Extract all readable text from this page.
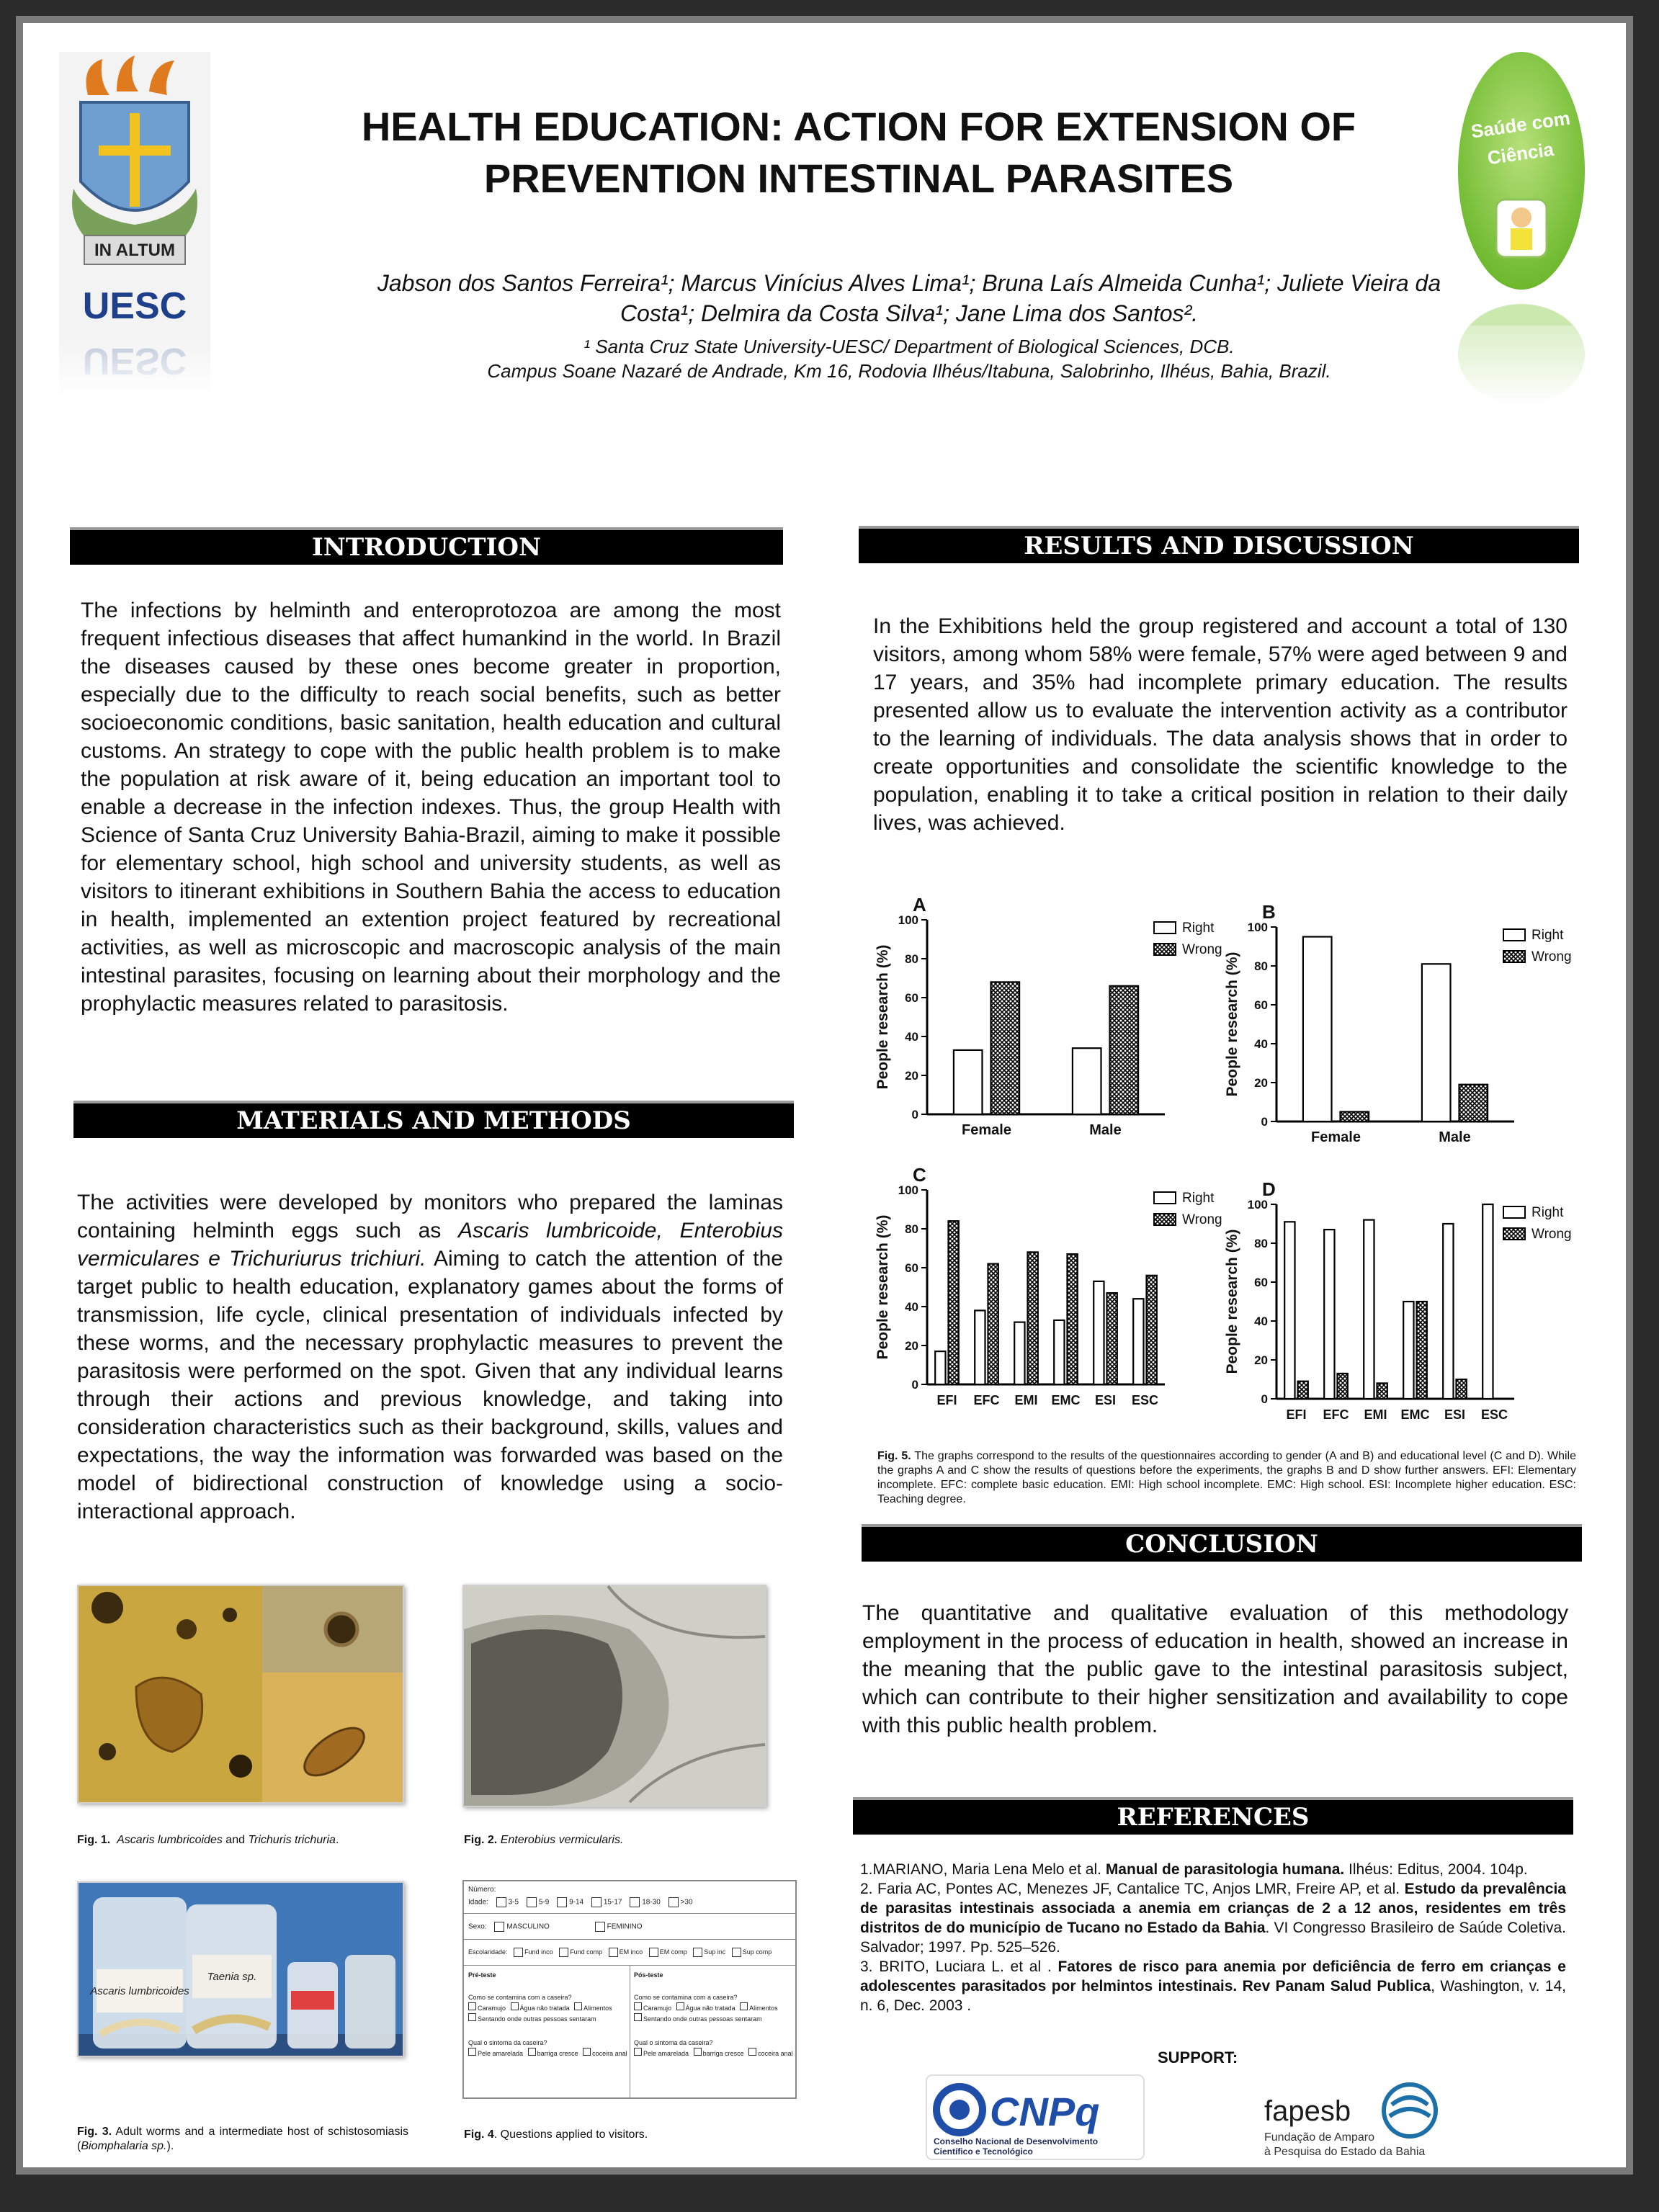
IN ALTUM
UESC
HEALTH EDUCATION: ACTION FOR EXTENSION OF
PREVENTION INTESTINAL PARASITES
Jabson dos Santos Ferreira¹; Marcus Vinícius Alves Lima¹; Bruna Laís Almeida Cunha¹; Juliete Vieira da
Costa¹; Delmira da Costa Silva¹; Jane Lima dos Santos².
¹ Santa Cruz State University-UESC/ Department of Biological Sciences, DCB.
Campus Soane Nazaré de Andrade, Km 16, Rodovia Ilhéus/Itabuna, Salobrinho, Ilhéus, Bahia, Brazil.
Saúde com
Ciência
INTRODUCTION
The infections by helminth and enteroprotozoa are among the most frequent infectious diseases that affect humankind in the world. In Brazil the diseases caused by these ones become greater in proportion, especially due to the difficulty to reach social benefits, such as better socioeconomic conditions, basic sanitation, health education and cultural customs. An strategy to cope with the public health problem is to make the population at risk aware of it, being education an important tool to enable a decrease in the infection indexes. Thus, the group Health with Science of Santa Cruz University Bahia-Brazil, aiming to make it possible for elementary school, high school and university students, as well as visitors to itinerant exhibitions in Southern Bahia the access to education in health, implemented an extention project featured by recreational activities, as well as microscopic and macroscopic analysis of the main intestinal parasites, focusing on learning about their morphology and the prophylactic measures related to parasitosis.
MATERIALS AND METHODS
The activities were developed by monitors who prepared the laminas containing helminth eggs such as Ascaris lumbricoide, Enterobius vermiculares e Trichuriurus trichiuri. Aiming to catch the attention of the target public to health education, explanatory games about the forms of transmission, life cycle, clinical presentation of individuals infected by these worms, and the necessary prophylactic measures to prevent the parasitosis were performed on the spot. Given that any individual learns through their actions and previous knowledge, and taking into consideration characteristics such as their background, skills, values and expectations, the way the information was forwarded was based on the model of bidirectional construction of knowledge using a socio-interactional approach.
Fig. 1. Ascaris lumbricoides and Trichuris trichuria.	Fig. 2. Enterobius vermicularis.
Ascaris lumbricoides
Taenia sp.
Fig. 3. Adult worms and a intermediate host of schistosomiasis (Biomphalaria sp.).
Número:
Idade:	3-5	5-9	9-14	15-17	18-30	>30
Sexo:	MASCULINO	FEMININO
Escolaridade:	Fund inco	Fund comp	EM inco	EM comp	Sup inc	Sup comp
Pré-teste
Como se contamina com a caseira?
Caramujo Água não tratada Alimentos
Sentando onde outras pessoas sentaram
Qual o sintoma da caseira?
Pele amarelada barriga cresce coceira anal
Pós-teste
Como se contamina com a caseira?
Caramujo Água não tratada Alimentos
Sentando onde outras pessoas sentaram
Qual o sintoma da caseira?
Pele amarelada barriga cresce coceira anal
Fig. 4. Questions applied to visitors.
RESULTS AND DISCUSSION
In the Exhibitions held the group registered and account a total of 130 visitors, among whom 58% were female, 57% were aged between 9 and 17 years, and 35% had incomplete primary education. The results presented allow us to evaluate the intervention activity as a contributor to the learning of individuals. The data analysis shows that in order to create opportunities and consolidate the scientific knowledge to the population, enabling it to take a critical position in relation to their daily lives, was achieved.
A
0
20
40
60
80
100
People research (%)
Female	Male
Right
Wrong
B
0
20
40
60
80
100
People research (%)
Female	Male
Right
Wrong
C
0
20
40
60
80
100
People research (%)
EFI EFC EMI EMC ESI ESC
Right
Wrong
D
0
20
40
60
80
100
People research (%)
EFI EFC EMI EMC ESI ESC
Right
Wrong
Fig. 5. The graphs correspond to the results of the questionnaires according to gender (A and B) and educational level (C and D). While the graphs A and C show the results of questions before the experiments, the graphs B and D show further answers. EFI: Elementary incomplete. EFC: complete basic education. EMI: High school incomplete. EMC: High school. ESI: Incomplete higher education. ESC: Teaching degree.
CONCLUSION
The quantitative and qualitative evaluation of this methodology employment in the process of education in health, showed an increase in the meaning that the public gave to the intestinal parasitosis subject, which can contribute to their higher sensitization and availability to cope with this public health problem.
REFERENCES
1.MARIANO, Maria Lena Melo et al. Manual de parasitologia humana. Ilhéus: Editus, 2004. 104p.
2. Faria AC, Pontes AC, Menezes JF, Cantalice TC, Anjos LMR, Freire AP, et al. Estudo da prevalência de parasitas intestinais associada a anemia em crianças de 2 a 12 anos, residentes em três distritos de do município de Tucano no Estado da Bahia. VI Congresso Brasileiro de Saúde Coletiva. Salvador; 1997. Pp. 525–526.
3. BRITO, Luciara L. et al . Fatores de risco para anemia por deficiência de ferro em crianças e adolescentes parasitados por helmintos intestinais. Rev Panam Salud Publica, Washington, v. 14, n. 6, Dec. 2003 .
SUPPORT:
CNPq
Conselho Nacional de Desenvolvimento
Científico e Tecnológico
fapesb
Fundação de Amparo
à Pesquisa do Estado da Bahia
